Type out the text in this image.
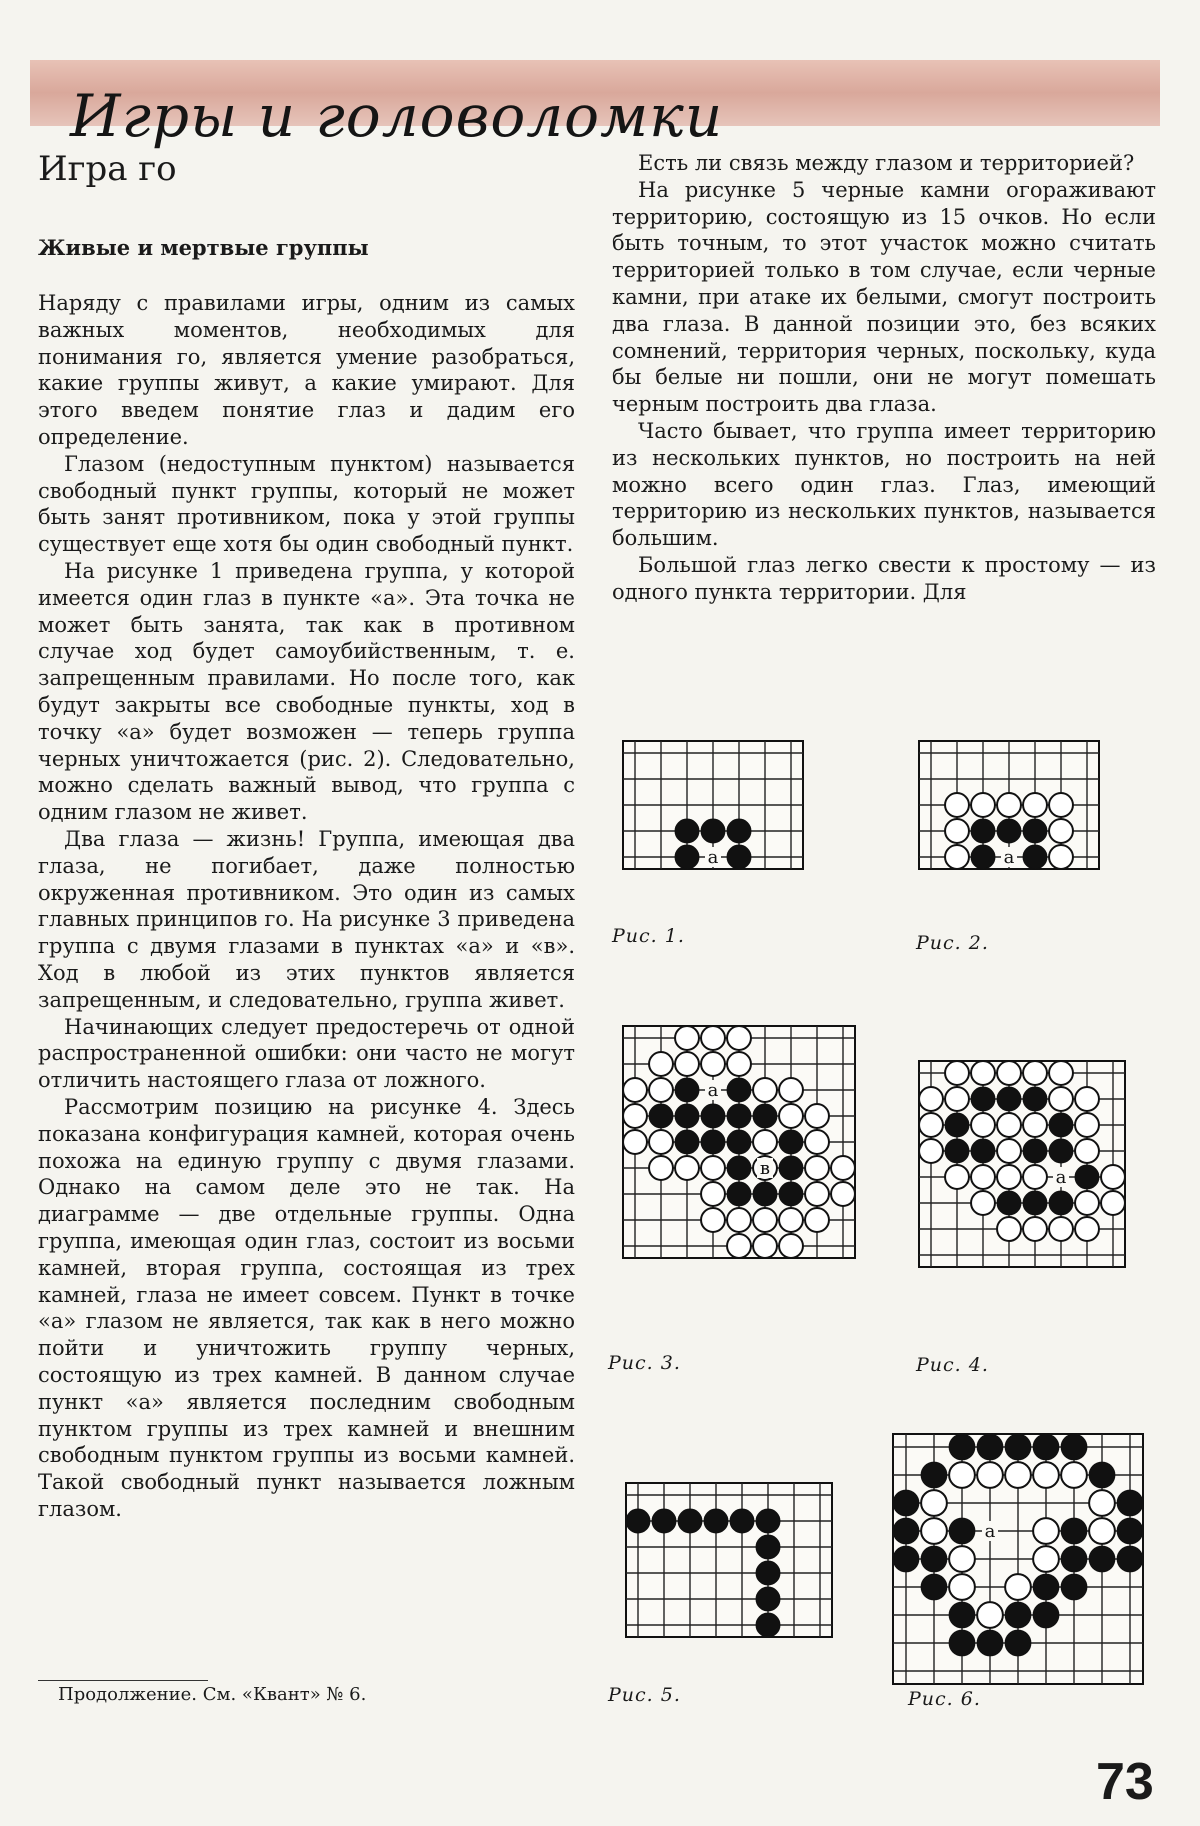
Игры и головоломки
Игра го
Живые и мертвые группы

Наряду с правилами игры, одним из самых важных моментов, необходимых для понимания го, является умение разобраться, какие группы живут, а какие умирают. Для этого введем понятие глаз и дадим его определение.

Глазом (недоступным пунктом) называется свободный пункт группы, который не может быть занят противником, пока у этой группы существует еще хотя бы один свободный пункт.

На рисунке 1 приведена группа, у которой имеется один глаз в пункте «а». Эта точка не может быть занята, так как в противном случае ход будет самоубийственным, т. е. запрещенным правилами. Но после того, как будут закрыты все свободные пункты, ход в точку «а» будет возможен — теперь группа черных уничтожается (рис. 2). Следовательно, можно сделать важный вывод, что группа с одним глазом не живет.

Два глаза — жизнь! Группа, имеющая два глаза, не погибает, даже полностью окруженная противником. Это один из самых главных принципов го. На рисунке 3 приведена группа с двумя глазами в пунктах «а» и «в». Ход в любой из этих пунктов является запрещенным, и следовательно, группа живет.

Начинающих следует предостеречь от одной распространенной ошибки: они часто не могут отличить настоящего глаза от ложного.

Рассмотрим позицию на рисунке 4. Здесь показана конфигурация камней, которая очень похожа на единую группу с двумя глазами. Однако на самом деле это не так. На диаграмме — две отдельные группы. Одна группа, имеющая один глаз, состоит из восьми камней, вторая группа, состоящая из трех камней, глаза не имеет совсем. Пункт в точке «а» глазом не является, так как в него можно пойти и уничтожить группу черных, состоящую из трех камней. В данном случае пункт «а» является последним свободным пунктом группы из трех камней и внешним свободным пунктом группы из восьми камней. Такой свободный пункт называется ложным глазом.

Есть ли связь между глазом и территорией?

На рисунке 5 черные камни огораживают территорию, состоящую из 15 очков. Но если быть точным, то этот участок можно считать территорией только в том случае, если черные камни, при атаке их белыми, смогут построить два глаза. В данной позиции это, без всяких сомнений, территория черных, поскольку, куда бы белые ни пошли, они не могут помешать черным построить два глаза.

Часто бывает, что группа имеет территорию из нескольких пунктов, но построить на ней можно всего один глаз. Глаз, имеющий территорию из нескольких пунктов, называется большим.

Большой глаз легко свести к простому — из одного пункта территории. Для

а
Рис. 1.
а
Рис. 2.
а
в
Рис. 3.
а
Рис. 4.
Рис. 5.
а
Рис. 6.
Продолжение. См. «Квант» № 6.
73
